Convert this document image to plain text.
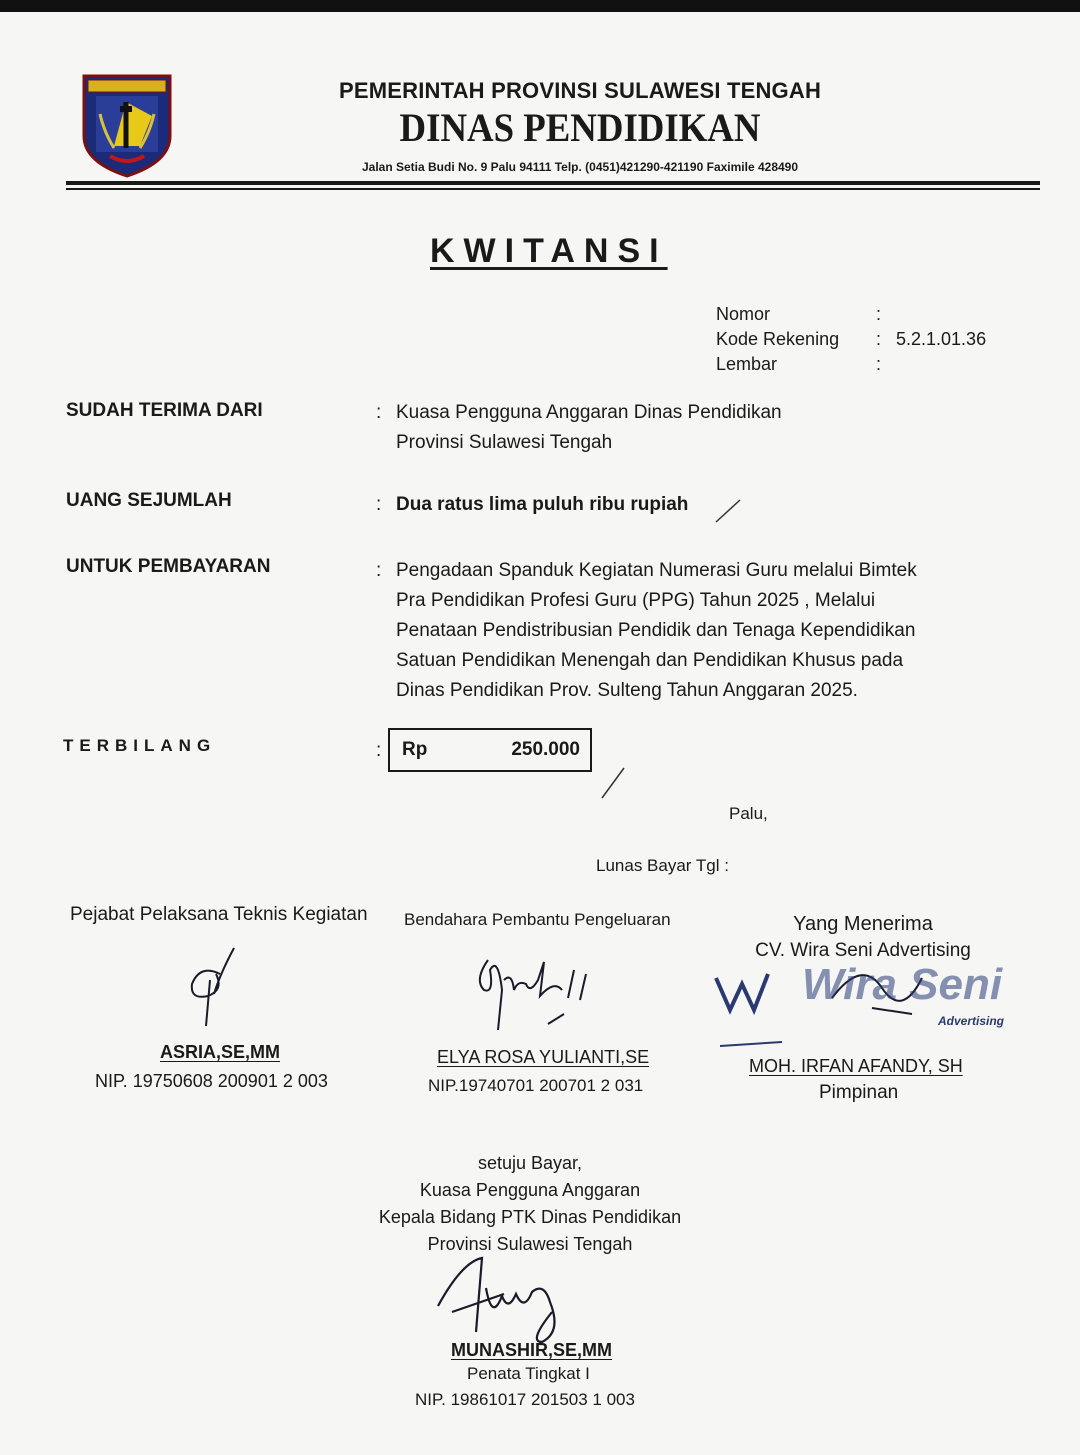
PEMERINTAH PROVINSI SULAWESI TENGAH
DINAS PENDIDIKAN
Jalan Setia Budi No. 9 Palu 94111 Telp. (0451)421290-421190 Faximile 428490
KWITANSI
Nomor	:
Kode Rekening	: 5.2.1.01.36
Lembar	:
SUDAH TERIMA DARI	: Kuasa Pengguna Anggaran Dinas Pendidikan
Provinsi Sulawesi Tengah
UANG SEJUMLAH	: Dua ratus lima puluh ribu rupiah
UNTUK PEMBAYARAN	: Pengadaan Spanduk Kegiatan Numerasi Guru melalui Bimtek
Pra Pendidikan Profesi Guru (PPG) Tahun 2025 , Melalui
Penataan Pendistribusian Pendidik dan Tenaga Kependidikan
Satuan Pendidikan Menengah dan Pendidikan Khusus pada
Dinas Pendidikan Prov. Sulteng Tahun Anggaran 2025.
TERBILANG	: Rp	250.000
Palu,
Lunas Bayar Tgl :
Pejabat Pelaksana Teknis Kegiatan
ASRIA,SE,MM
NIP. 19750608 200901 2 003
Bendahara Pembantu Pengeluaran
ELYA ROSA YULIANTI,SE
NIP.19740701 200701 2 031
Yang Menerima
CV. Wira Seni Advertising
Wira Seni
Advertising
MOH. IRFAN AFANDY, SH
Pimpinan
setuju Bayar,
Kuasa Pengguna Anggaran
Kepala Bidang PTK Dinas Pendidikan
Provinsi Sulawesi Tengah
MUNASHIR,SE,MM
Penata Tingkat I
NIP. 19861017 201503 1 003
